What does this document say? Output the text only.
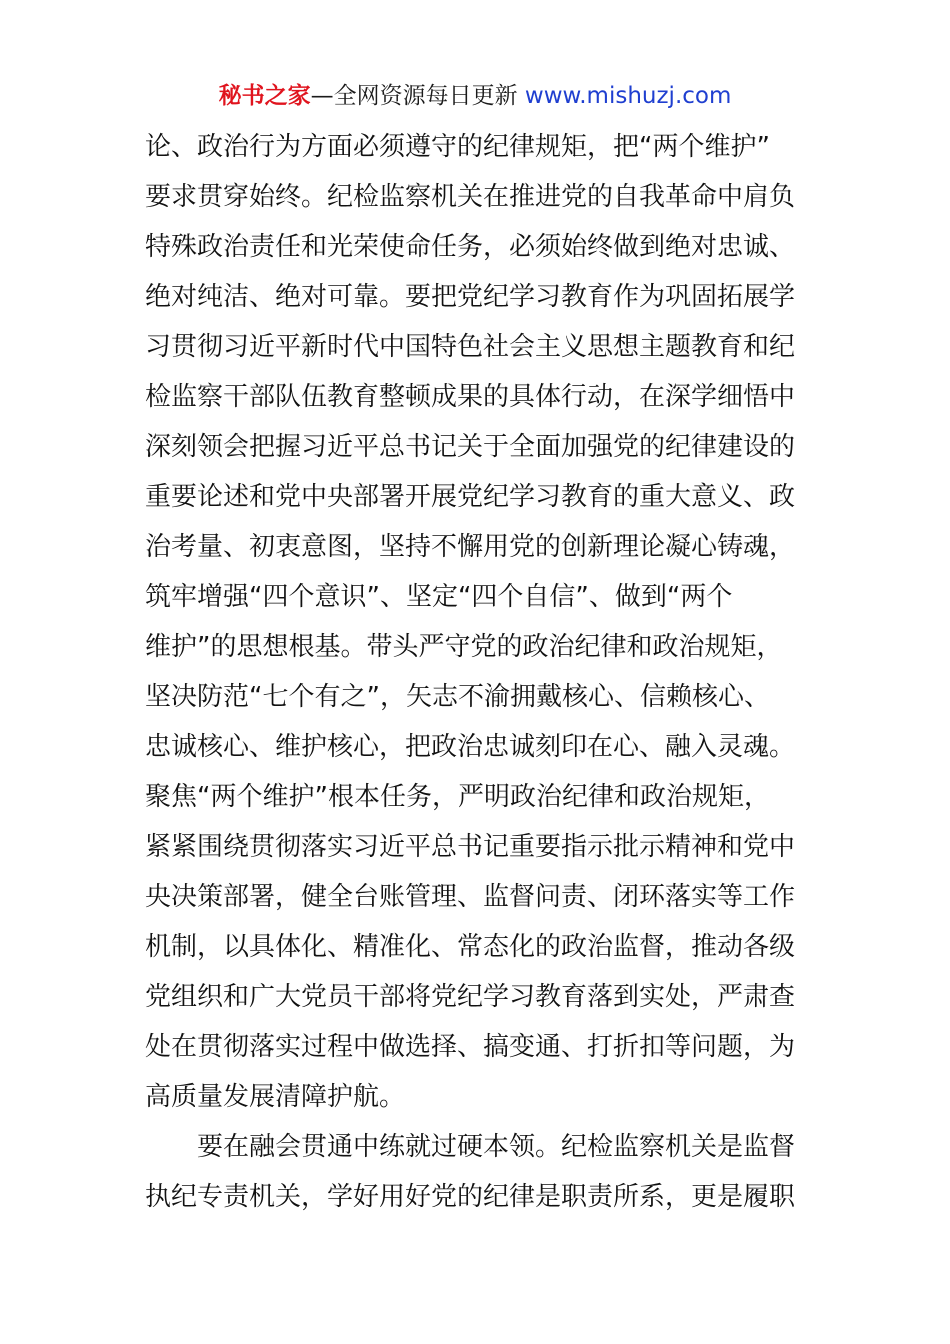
秘书之家—全网资源每日更新 www.mishuzj.com
论、政治行为方面必须遵守的纪律规矩，把“两个维护”
要求贯穿始终。纪检监察机关在推进党的自我革命中肩负
特殊政治责任和光荣使命任务，必须始终做到绝对忠诚、
绝对纯洁、绝对可靠。要把党纪学习教育作为巩固拓展学
习贯彻习近平新时代中国特色社会主义思想主题教育和纪
检监察干部队伍教育整顿成果的具体行动，在深学细悟中
深刻领会把握习近平总书记关于全面加强党的纪律建设的
重要论述和党中央部署开展党纪学习教育的重大意义、政
治考量、初衷意图，坚持不懈用党的创新理论凝心铸魂，
筑牢增强“四个意识”、坚定“四个自信”、做到“两个
维护”的思想根基。带头严守党的政治纪律和政治规矩，
坚决防范“七个有之”，矢志不渝拥戴核心、信赖核心、
忠诚核心、维护核心，把政治忠诚刻印在心、融入灵魂。
聚焦“两个维护”根本任务，严明政治纪律和政治规矩，
紧紧围绕贯彻落实习近平总书记重要指示批示精神和党中
央决策部署，健全台账管理、监督问责、闭环落实等工作
机制，以具体化、精准化、常态化的政治监督，推动各级
党组织和广大党员干部将党纪学习教育落到实处，严肃查
处在贯彻落实过程中做选择、搞变通、打折扣等问题，为
高质量发展清障护航。
要在融会贯通中练就过硬本领。纪检监察机关是监督
执纪专责机关，学好用好党的纪律是职责所系，更是履职
